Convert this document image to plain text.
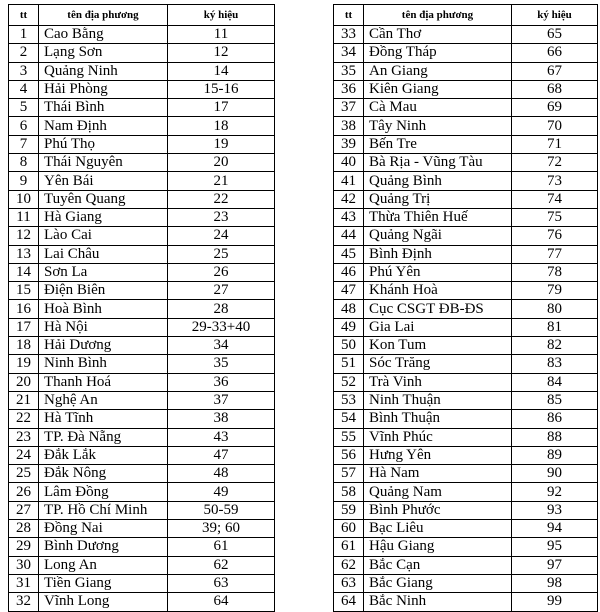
tt	tên địa phương	ký hiệu
1	Cao Bằng	11
2	Lạng Sơn	12
3	Quảng Ninh	14
4	Hải Phòng	15-16
5	Thái Bình	17
6	Nam Định	18
7	Phú Thọ	19
8	Thái Nguyên	20
9	Yên Bái	21
10	Tuyên Quang	22
11	Hà Giang	23
12	Lào Cai	24
13	Lai Châu	25
14	Sơn La	26
15	Điện Biên	27
16	Hoà Bình	28
17	Hà Nội	29-33+40
18	Hải Dương	34
19	Ninh Bình	35
20	Thanh Hoá	36
21	Nghệ An	37
22	Hà Tĩnh	38
23	TP. Đà Nẵng	43
24	Đắk Lắk	47
25	Đắk Nông	48
26	Lâm Đồng	49
27	TP. Hồ Chí Minh	50-59
28	Đồng Nai	39; 60
29	Bình Dương	61
30	Long An	62
31	Tiền Giang	63
32	Vĩnh Long	64
tt	tên địa phương	ký hiệu
33	Cần Thơ	65
34	Đồng Tháp	66
35	An Giang	67
36	Kiên Giang	68
37	Cà Mau	69
38	Tây Ninh	70
39	Bến Tre	71
40	Bà Rịa - Vũng Tàu	72
41	Quảng Bình	73
42	Quảng Trị	74
43	Thừa Thiên Huế	75
44	Quảng Ngãi	76
45	Bình Định	77
46	Phú Yên	78
47	Khánh Hoà	79
48	Cục CSGT ĐB-ĐS	80
49	Gia Lai	81
50	Kon Tum	82
51	Sóc Trăng	83
52	Trà Vinh	84
53	Ninh Thuận	85
54	Bình Thuận	86
55	Vĩnh Phúc	88
56	Hưng Yên	89
57	Hà Nam	90
58	Quảng Nam	92
59	Bình Phước	93
60	Bạc Liêu	94
61	Hậu Giang	95
62	Bắc Cạn	97
63	Bắc Giang	98
64	Bắc Ninh	99
